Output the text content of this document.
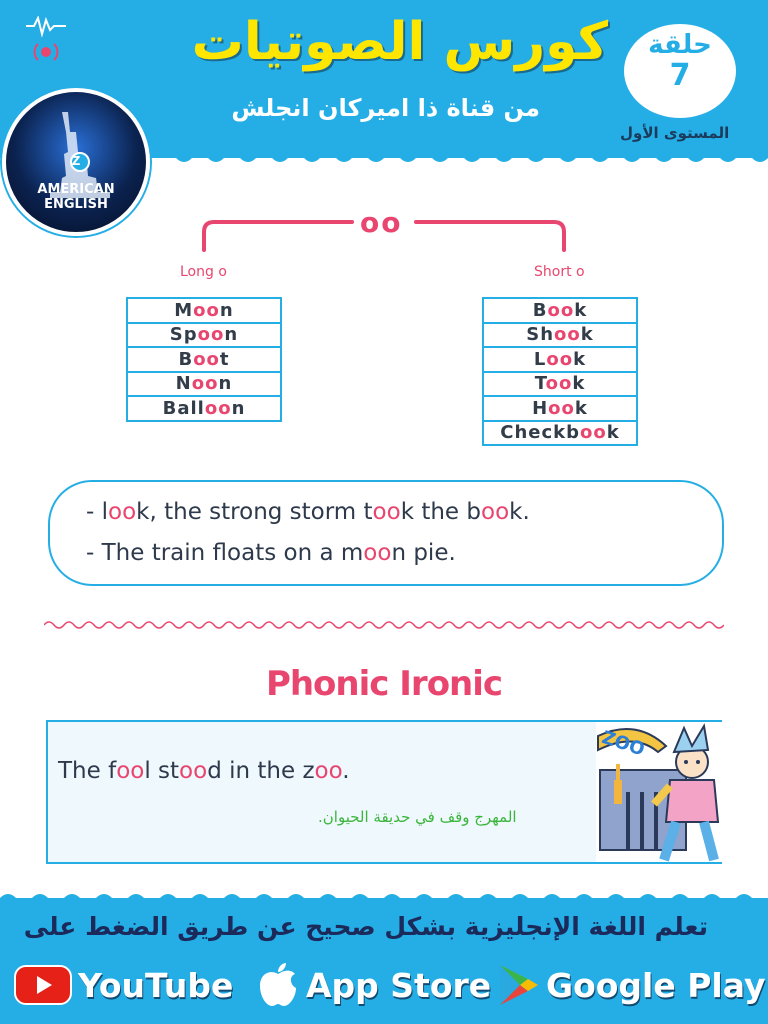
كورس الصوتيات
من قناة ذا اميركان انجلش
حلقة
7
المستوى الأول
Z
AMERICAN
ENGLISH
oo
Long o	Short o
Moon
Spoon
Boot
Noon
Balloon
Book
Shook
Look
Took
Hook
Checkbook
- look, the strong storm took the book.
- The train floats on a moon pie.
Phonic Ironic
The fool stood in the zoo.
المهرج وقف في حديقة الحيوان.
ZOO
تعلم اللغة الإنجليزية بشكل صحيح عن طريق الضغط على
YouTube App Store Google Play
